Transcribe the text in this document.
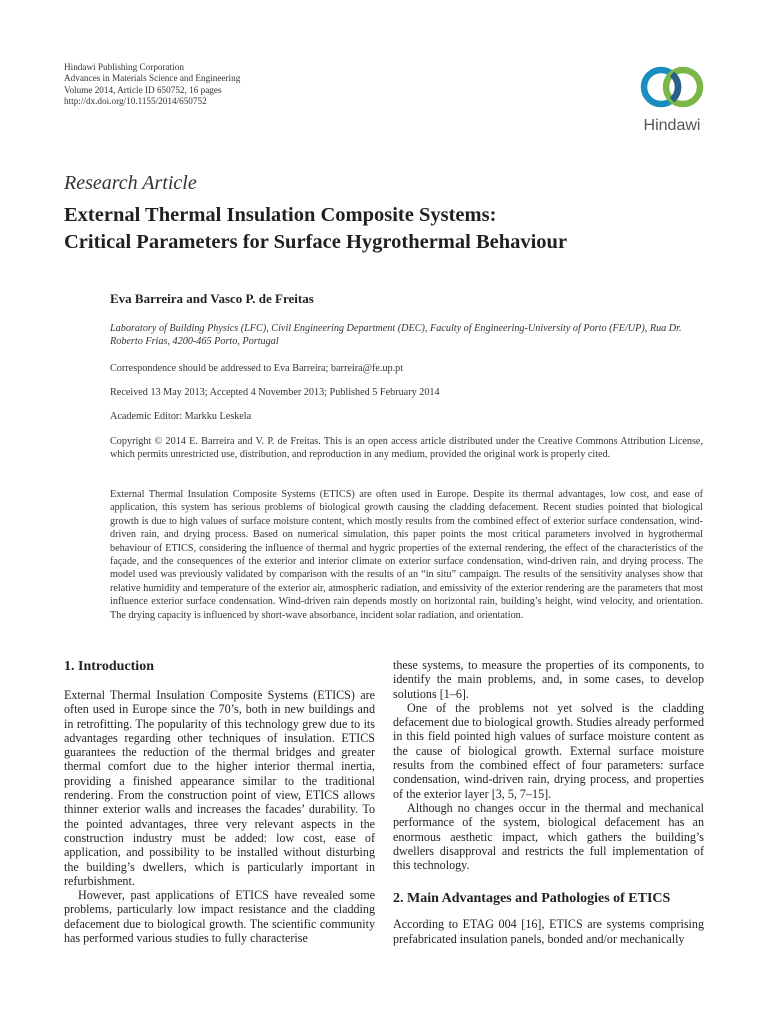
Hindawi Publishing Corporation
Advances in Materials Science and Engineering
Volume 2014, Article ID 650752, 16 pages
http://dx.doi.org/10.1155/2014/650752
Hindawi
Research Article
External Thermal Insulation Composite Systems:
Critical Parameters for Surface Hygrothermal Behaviour
Eva Barreira and Vasco P. de Freitas
Laboratory of Building Physics (LFC), Civil Engineering Department (DEC), Faculty of Engineering-University of Porto (FE/UP), Rua Dr. Roberto Frias, 4200-465 Porto, Portugal
Correspondence should be addressed to Eva Barreira; barreira@fe.up.pt
Received 13 May 2013; Accepted 4 November 2013; Published 5 February 2014
Academic Editor: Markku Leskela
Copyright © 2014 E. Barreira and V. P. de Freitas. This is an open access article distributed under the Creative Commons Attribution License, which permits unrestricted use, distribution, and reproduction in any medium, provided the original work is properly cited.
External Thermal Insulation Composite Systems (ETICS) are often used in Europe. Despite its thermal advantages, low cost, and ease of application, this system has serious problems of biological growth causing the cladding defacement. Recent studies pointed that biological growth is due to high values of surface moisture content, which mostly results from the combined effect of exterior surface condensation, wind-driven rain, and drying process. Based on numerical simulation, this paper points the most critical parameters involved in hygrothermal behaviour of ETICS, considering the influence of thermal and hygric properties of the external rendering, the effect of the characteristics of the façade, and the consequences of the exterior and interior climate on exterior surface condensation, wind-driven rain, and drying process. The model used was previously validated by comparison with the results of an “in situ” campaign. The results of the sensitivity analyses show that relative humidity and temperature of the exterior air, atmospheric radiation, and emissivity of the exterior rendering are the parameters that most influence exterior surface condensation. Wind-driven rain depends mostly on horizontal rain, building’s height, wind velocity, and orientation. The drying capacity is influenced by short-wave absorbance, incident solar radiation, and orientation.
1. Introduction

External Thermal Insulation Composite Systems (ETICS) are often used in Europe since the 70’s, both in new buildings and in retrofitting. The popularity of this technology grew due to its advantages regarding other techniques of insulation. ETICS guarantees the reduction of the thermal bridges and greater thermal comfort due to the higher interior thermal inertia, providing a finished appearance similar to the traditional rendering. From the construction point of view, ETICS allows thinner exterior walls and increases the facades’ durability. To the pointed advantages, three very relevant aspects in the construction industry must be added: low cost, ease of application, and possibility to be installed without disturbing the building’s dwellers, which is particularly important in refurbishment.

However, past applications of ETICS have revealed some problems, particularly low impact resistance and the cladding defacement due to biological growth. The scientific community has performed various studies to fully characterise

these systems, to measure the properties of its components, to identify the main problems, and, in some cases, to develop solutions [1–6].

One of the problems not yet solved is the cladding defacement due to biological growth. Studies already performed in this field pointed high values of surface moisture content as the cause of biological growth. External surface moisture results from the combined effect of four parameters: surface condensation, wind-driven rain, drying process, and properties of the exterior layer [3, 5, 7–15].

Although no changes occur in the thermal and mechanical performance of the system, biological defacement has an enormous aesthetic impact, which gathers the building’s dwellers disapproval and restricts the full implementation of this technology.

2. Main Advantages and Pathologies of ETICS

According to ETAG 004 [16], ETICS are systems comprising prefabricated insulation panels, bonded and/or mechanically
